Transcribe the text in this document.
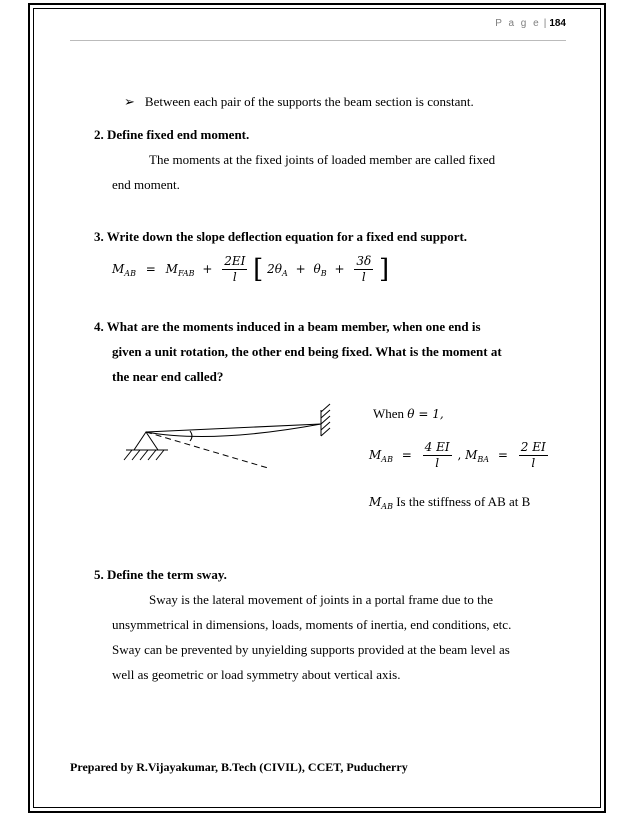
P a g e | 184
➢ Between each pair of the supports the beam section is constant.
2. Define fixed end moment.
The moments at the fixed joints of loaded member are called fixed
end moment.
3. Write down the slope deflection equation for a fixed end support.
$M_{AB} = M_{FAB} + \frac{2EI}{l}$ [ $2\theta_A + \theta_B + \frac{3\delta}{l}$ ]
4. What are the moments induced in a beam member, when one end is
given a unit rotation, the other end being fixed. What is the moment at
the near end called?
When θ = 1,
$M_{AB} = \frac{4 EI}{l}$ , $M_{BA} = \frac{2 EI}{l}$
$M_{AB}$ Is the stiffness of AB at B
5. Define the term sway.
Sway is the lateral movement of joints in a portal frame due to the
unsymmetrical in dimensions, loads, moments of inertia, end conditions, etc.
Sway can be prevented by unyielding supports provided at the beam level as
well as geometric or load symmetry about vertical axis.
Prepared by R.Vijayakumar, B.Tech (CIVIL), CCET, Puducherry
